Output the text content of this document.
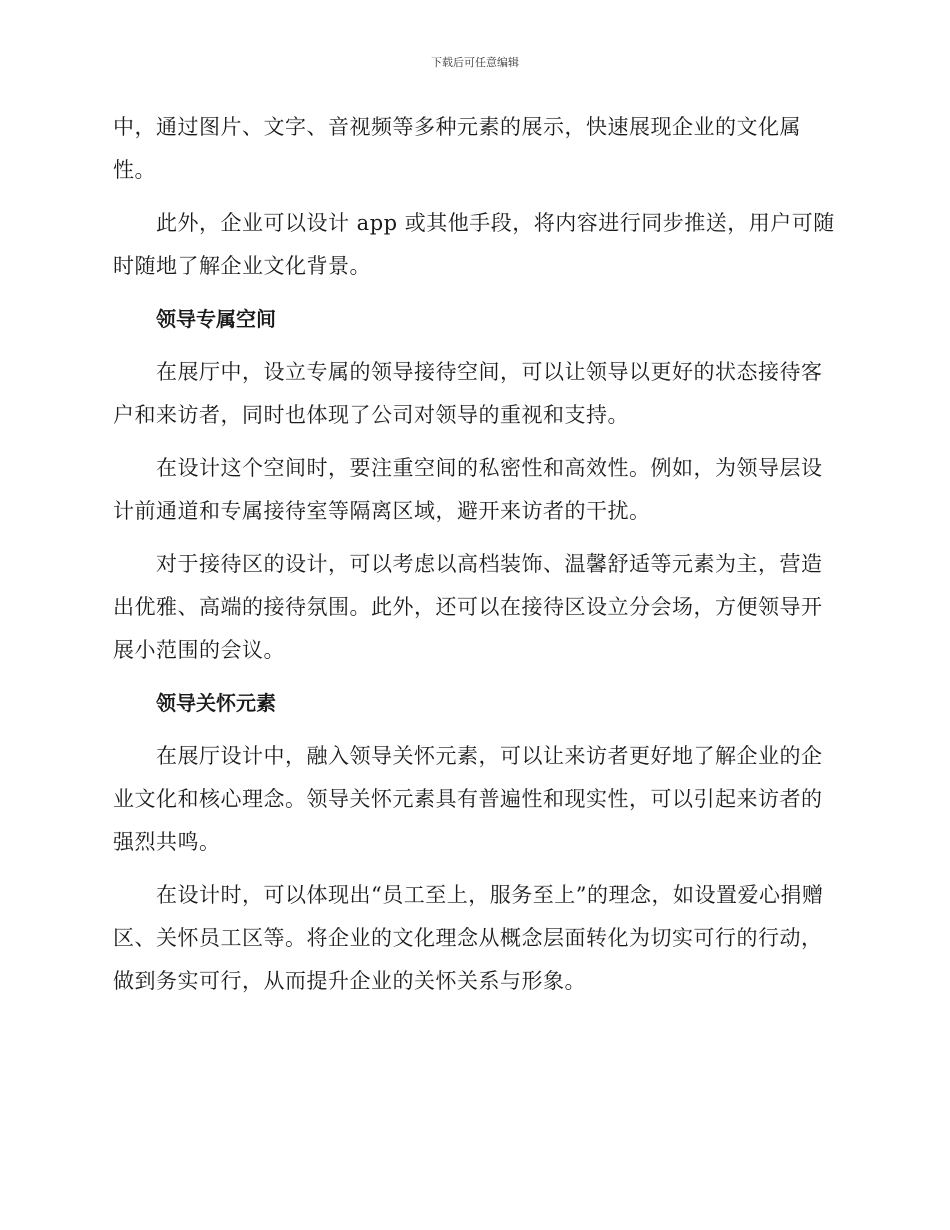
下载后可任意编辑

中，通过图片、文字、音视频等多种元素的展示，快速展现企业的文化属性。

此外，企业可以设计 app 或其他手段，将内容进行同步推送，用户可随时随地了解企业文化背景。

领导专属空间

在展厅中，设立专属的领导接待空间，可以让领导以更好的状态接待客户和来访者，同时也体现了公司对领导的重视和支持。

在设计这个空间时，要注重空间的私密性和高效性。例如，为领导层设计前通道和专属接待室等隔离区域，避开来访者的干扰。

对于接待区的设计，可以考虑以高档装饰、温馨舒适等元素为主，营造出优雅、高端的接待氛围。此外，还可以在接待区设立分会场，方便领导开展小范围的会议。

领导关怀元素

在展厅设计中，融入领导关怀元素，可以让来访者更好地了解企业的企业文化和核心理念。领导关怀元素具有普遍性和现实性，可以引起来访者的强烈共鸣。

在设计时，可以体现出“员工至上，服务至上”的理念，如设置爱心捐赠区、关怀员工区等。将企业的文化理念从概念层面转化为切实可行的行动，做到务实可行，从而提升企业的关怀关系与形象。
